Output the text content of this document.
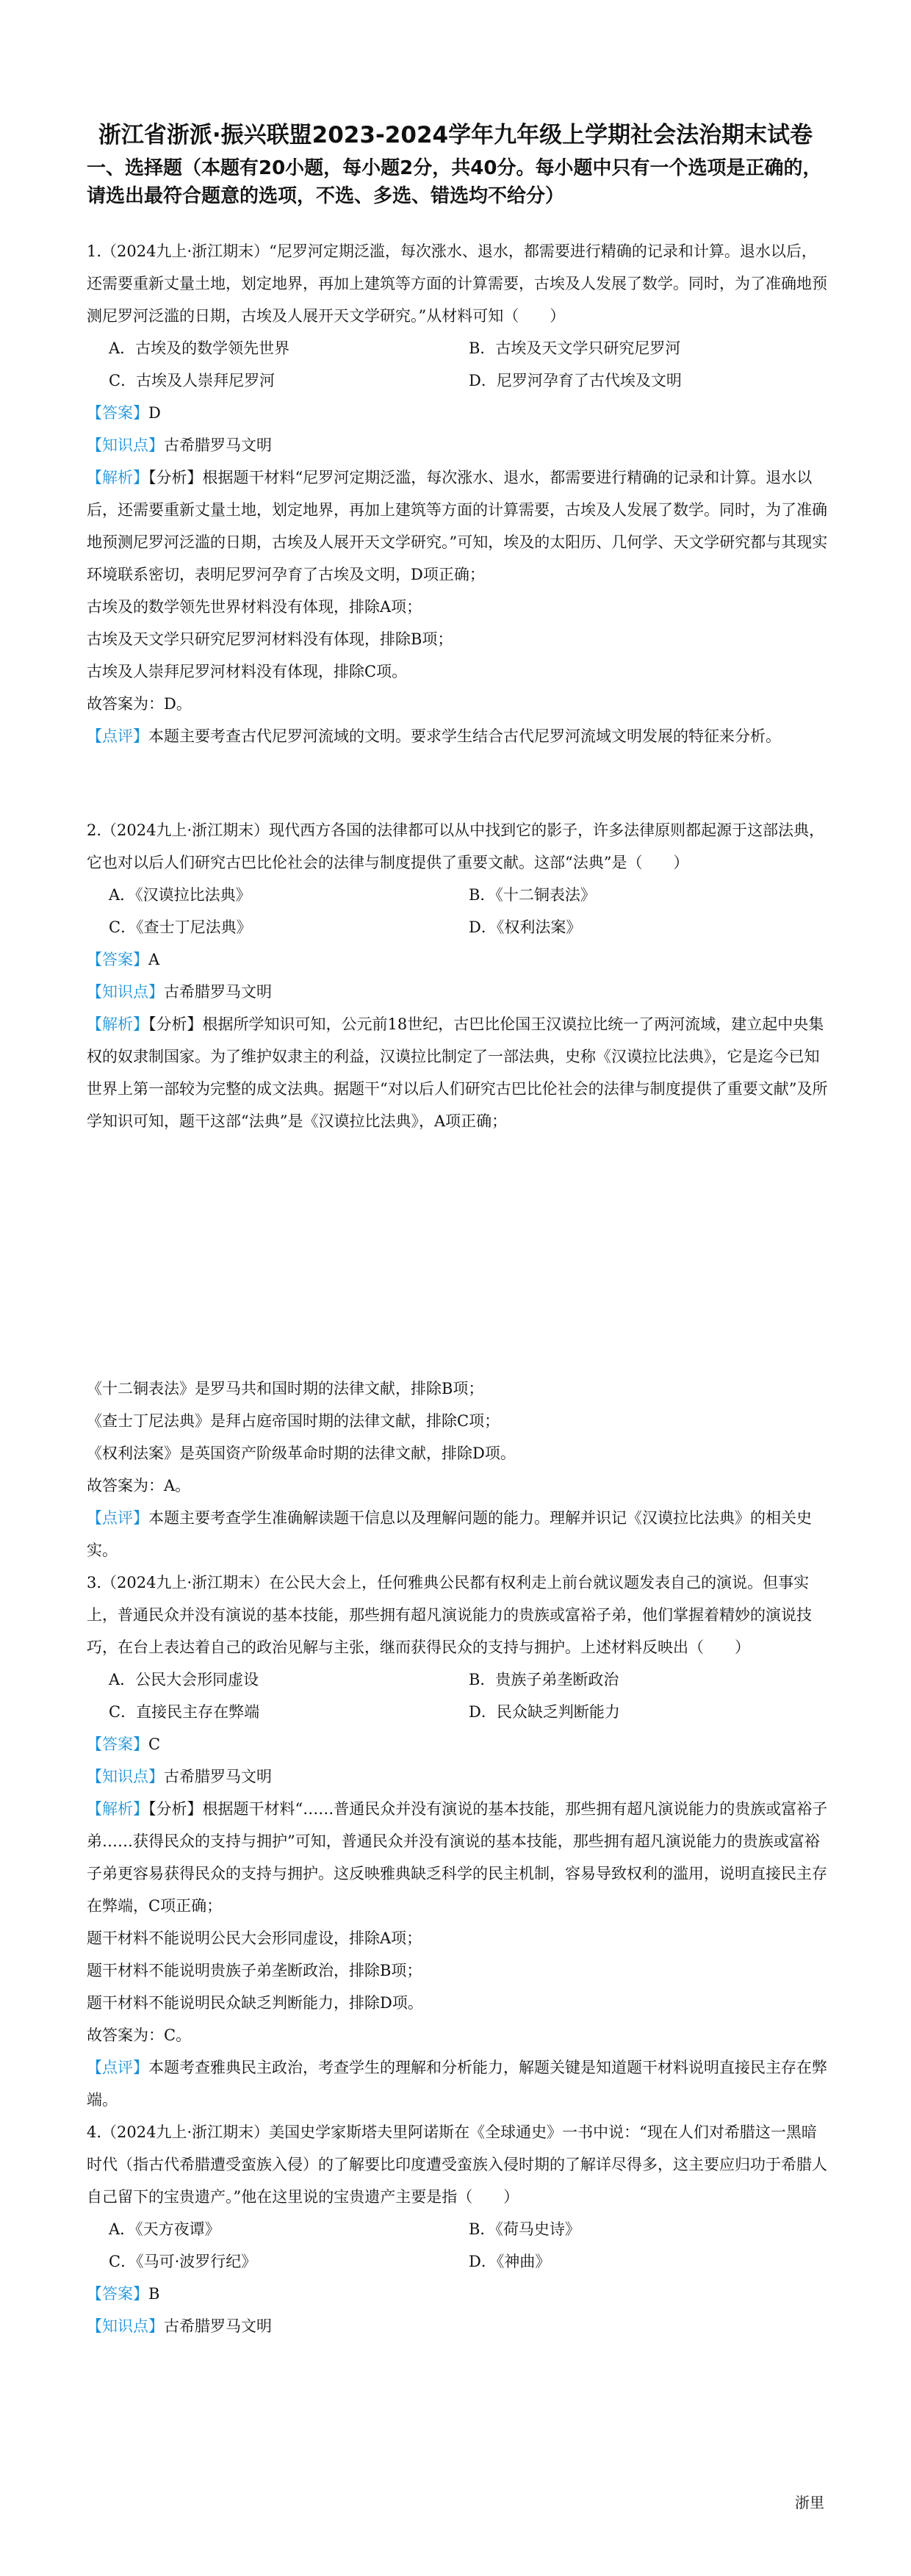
浙江省浙派·振兴联盟2023-2024学年九年级上学期社会法治期末试卷
一、选择题（本题有20小题，每小题2分，共40分。每小题中只有一个选项是正确的，请选出最符合题意的选项，不选、多选、错选均不给分）

1.（2024九上·浙江期末）“尼罗河定期泛滥，每次涨水、退水，都需要进行精确的记录和计算。退水以后，还需要重新丈量土地，划定地界，再加上建筑等方面的计算需要，古埃及人发展了数学。同时，为了准确地预测尼罗河泛滥的日期，古埃及人展开天文学研究。”从材料可知（　　）

A．古埃及的数学领先世界	B．古埃及天文学只研究尼罗河
C．古埃及人崇拜尼罗河	D．尼罗河孕育了古代埃及文明

【答案】D

【知识点】古希腊罗马文明

【解析】【分析】根据题干材料“尼罗河定期泛滥，每次涨水、退水，都需要进行精确的记录和计算。退水以后，还需要重新丈量土地，划定地界，再加上建筑等方面的计算需要，古埃及人发展了数学。同时，为了准确地预测尼罗河泛滥的日期，古埃及人展开天文学研究。”可知，埃及的太阳历、几何学、天文学研究都与其现实环境联系密切，表明尼罗河孕育了古埃及文明，D项正确；

古埃及的数学领先世界材料没有体现，排除A项；

古埃及天文学只研究尼罗河材料没有体现，排除B项；

古埃及人崇拜尼罗河材料没有体现，排除C项。

故答案为：D。

【点评】本题主要考查古代尼罗河流域的文明。要求学生结合古代尼罗河流域文明发展的特征来分析。

2.（2024九上·浙江期末）现代西方各国的法律都可以从中找到它的影子，许多法律原则都起源于这部法典，它也对以后人们研究古巴比伦社会的法律与制度提供了重要文献。这部“法典”是（　　）

A．《汉谟拉比法典》	B．《十二铜表法》
C．《查士丁尼法典》	D．《权利法案》

【答案】A

【知识点】古希腊罗马文明

【解析】【分析】根据所学知识可知，公元前18世纪，古巴比伦国王汉谟拉比统一了两河流域，建立起中央集权的奴隶制国家。为了维护奴隶主的利益，汉谟拉比制定了一部法典，史称《汉谟拉比法典》，它是迄今已知世界上第一部较为完整的成文法典。据题干“对以后人们研究古巴比伦社会的法律与制度提供了重要文献”及所学知识可知，题干这部“法典”是《汉谟拉比法典》，A项正确；

《十二铜表法》是罗马共和国时期的法律文献，排除B项；

《查士丁尼法典》是拜占庭帝国时期的法律文献，排除C项；

《权利法案》是英国资产阶级革命时期的法律文献，排除D项。

故答案为：A。

【点评】本题主要考查学生准确解读题干信息以及理解问题的能力。理解并识记《汉谟拉比法典》的相关史实。

3.（2024九上·浙江期末）在公民大会上，任何雅典公民都有权利走上前台就议题发表自己的演说。但事实上，普通民众并没有演说的基本技能，那些拥有超凡演说能力的贵族或富裕子弟，他们掌握着精妙的演说技巧，在台上表达着自己的政治见解与主张，继而获得民众的支持与拥护。上述材料反映出（　　）

A．公民大会形同虚设	B．贵族子弟垄断政治
C．直接民主存在弊端	D．民众缺乏判断能力

【答案】C

【知识点】古希腊罗马文明

【解析】【分析】根据题干材料“……普通民众并没有演说的基本技能，那些拥有超凡演说能力的贵族或富裕子弟……获得民众的支持与拥护”可知，普通民众并没有演说的基本技能，那些拥有超凡演说能力的贵族或富裕子弟更容易获得民众的支持与拥护。这反映雅典缺乏科学的民主机制，容易导致权利的滥用，说明直接民主存在弊端，C项正确；

题干材料不能说明公民大会形同虚设，排除A项；

题干材料不能说明贵族子弟垄断政治，排除B项；

题干材料不能说明民众缺乏判断能力，排除D项。

故答案为：C。

【点评】本题考查雅典民主政治，考查学生的理解和分析能力，解题关键是知道题干材料说明直接民主存在弊端。

4.（2024九上·浙江期末）美国史学家斯塔夫里阿诺斯在《全球通史》一书中说：“现在人们对希腊这一黑暗时代（指古代希腊遭受蛮族入侵）的了解要比印度遭受蛮族入侵时期的了解详尽得多，这主要应归功于希腊人自己留下的宝贵遗产。”他在这里说的宝贵遗产主要是指（　　）

A．《天方夜谭》	B．《荷马史诗》
C．《马可·波罗行纪》	D．《神曲》

【答案】B

【知识点】古希腊罗马文明

浙里
